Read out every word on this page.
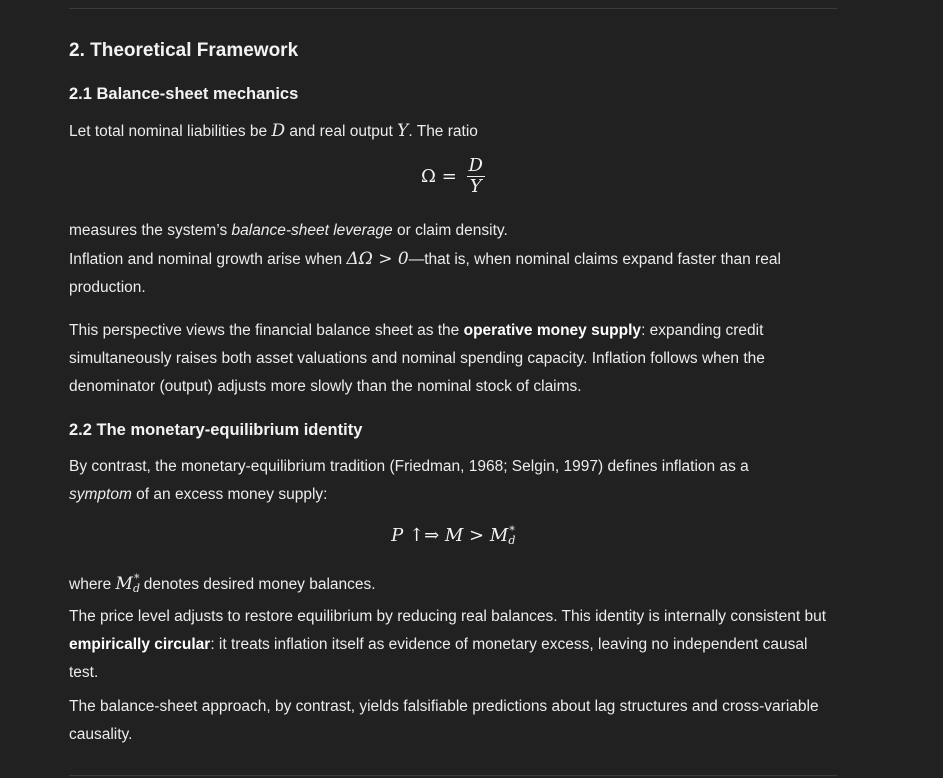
2. Theoretical Framework
2.1 Balance-sheet mechanics

Let total nominal liabilities be D and real output Y. The ratio

$\Omega = \frac{D}{Y}$

measures the system’s balance-sheet leverage or claim density.
Inflation and nominal growth arise when ΔΩ > 0—that is, when nominal claims expand faster than real production.

This perspective views the financial balance sheet as the operative money supply: expanding credit simultaneously raises both asset valuations and nominal spending capacity. Inflation follows when the denominator (output) adjusts more slowly than the nominal stock of claims.

2.2 The monetary-equilibrium identity

By contrast, the monetary-equilibrium tradition (Friedman, 1968; Selgin, 1997) defines inflation as a
symptom of an excess money supply:

P ↑⇒ $M > M_d^*$

where $M_d^*$ denotes desired money balances.
The price level adjusts to restore equilibrium by reducing real balances. This identity is internally consistent but empirically circular: it treats inflation itself as evidence of monetary excess, leaving no independent causal test.

The balance-sheet approach, by contrast, yields falsifiable predictions about lag structures and cross-variable causality.
